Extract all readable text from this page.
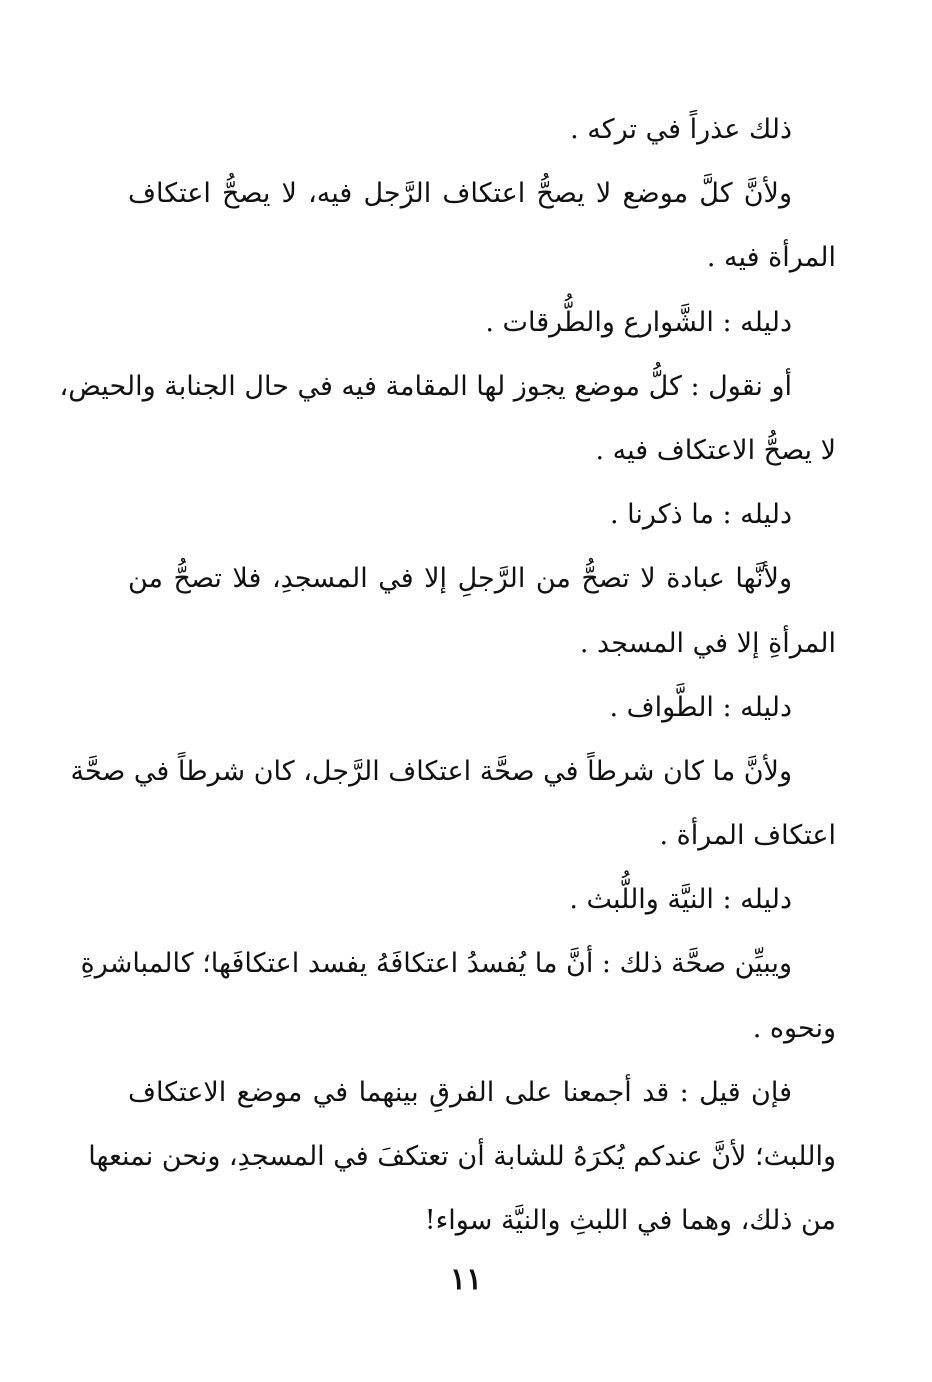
ذلك عذراً في تركه .
ولأنَّ كلَّ موضع لا يصحُّ اعتكاف الرَّجل فيه، لا يصحُّ اعتكاف
المرأة فيه .
دليله : الشَّوارع والطُّرقات .
أو نقول : كلُّ موضع يجوز لها المقامة فيه في حال الجنابة والحيض،
لا يصحُّ الاعتكاف فيه .
دليله : ما ذكرنا .
ولأنَّها عبادة لا تصحُّ من الرَّجلِ إلا في المسجدِ، فلا تصحُّ من
المرأةِ إلا في المسجد .
دليله : الطَّواف .
ولأنَّ ما كان شرطاً في صحَّة اعتكاف الرَّجل، كان شرطاً في صحَّة
اعتكاف المرأة .
دليله : النيَّة واللُّبث .
ويبيِّن صحَّة ذلك : أنَّ ما يُفسدُ اعتكافَهُ يفسد اعتكافَها؛ كالمباشرةِ
ونحوه .
فإن قيل : قد أجمعنا على الفرقِ بينهما في موضع الاعتكاف
واللبث؛ لأنَّ عندكم يُكرَهُ للشابة أن تعتكفَ في المسجدِ، ونحن نمنعها
من ذلك، وهما في اللبثِ والنيَّة سواء!
١١
